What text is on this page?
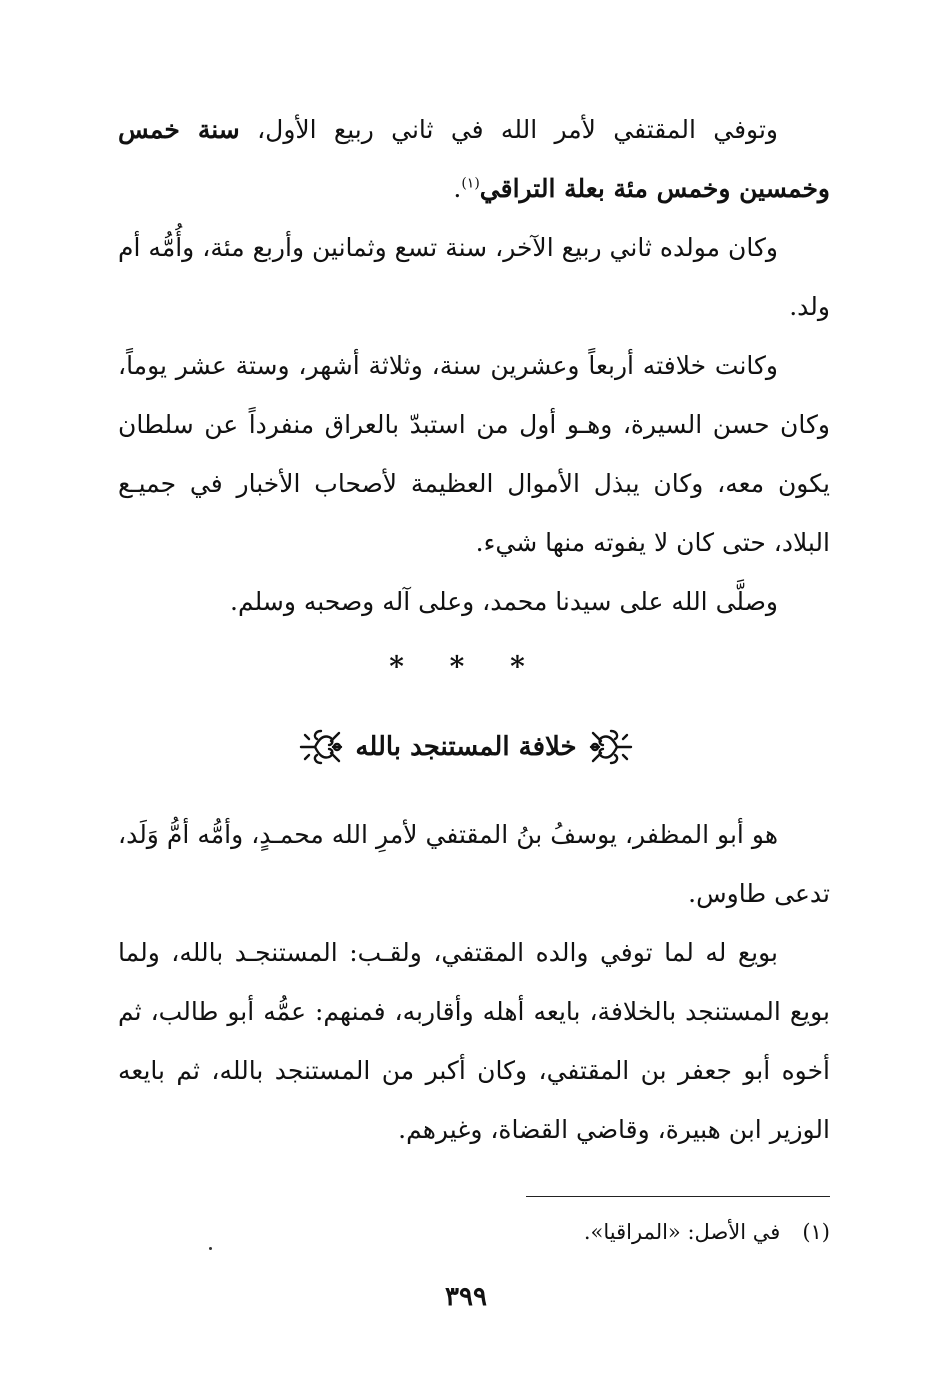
وتوفي المقتفي لأمر الله في ثاني ربيع الأول، سنة خمس وخمسين وخمس مئة بعلة التراقي$^{(١)}$.

وكان مولده ثاني ربيع الآخر، سنة تسع وثمانين وأربع مئة، وأُمُّه أم ولد.

وكانت خلافته أربعاً وعشرين سنة، وثلاثة أشهر، وستة عشر يوماً، وكان حسن السيرة، وهـو أول من استبدّ بالعراق منفرداً عن سلطان يكون معه، وكان يبذل الأموال العظيمة لأصحاب الأخبار في جميـع البلاد، حتى كان لا يفوته منها شيء.

وصلَّى الله على سيدنا محمد، وعلى آله وصحبه وسلم.

* * *
خلافة المستنجد بالله

هو أبو المظفر، يوسفُ بنُ المقتفي لأمرِ الله محمـدٍ، وأمُّه أمُّ وَلَد، تدعى طاوس.

بويع له لما توفي والده المقتفي، ولقـب: المستنجـد بالله، ولما بويع المستنجد بالخلافة، بايعه أهله وأقاربه، فمنهم: عمُّه أبو طالب، ثم أخوه أبو جعفر بن المقتفي، وكان أكبر من المستنجد بالله، ثم بايعه الوزير ابن هبيرة، وقاضي القضاة، وغيرهم.

(١)في الأصل: «المراقيا».
٣٩٩
